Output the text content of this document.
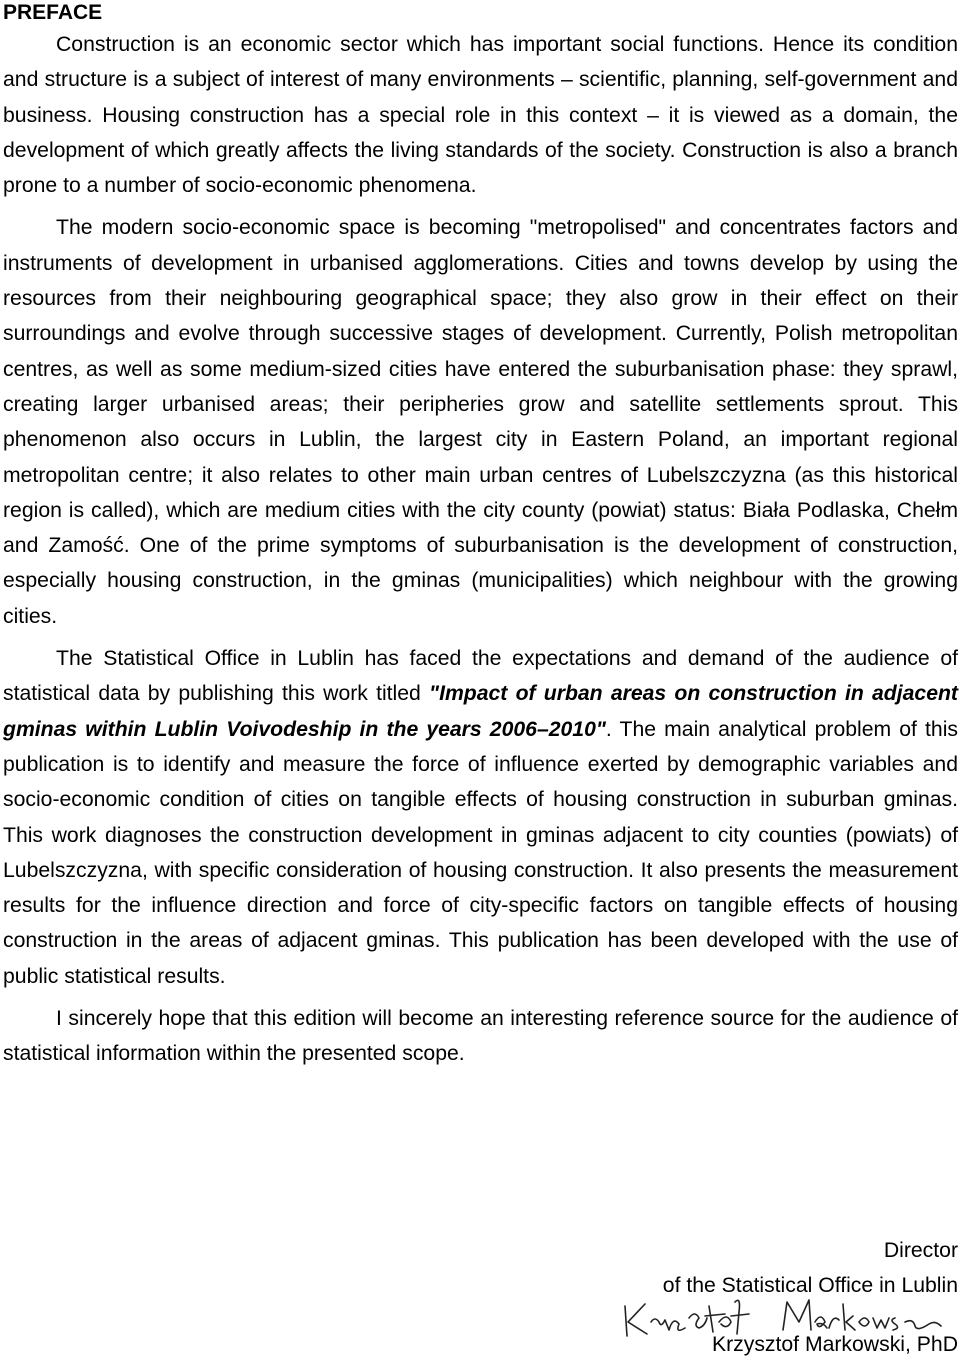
PREFACE

Construction is an economic sector which has important social functions. Hence its condition and structure is a subject of interest of many environments – scientific, planning, self-government and business. Housing construction has a special role in this context – it is viewed as a domain, the development of which greatly affects the living standards of the society. Construction is also a branch prone to a number of socio-economic phenomena.

The modern socio-economic space is becoming "metropolised" and concentrates factors and instruments of development in urbanised agglomerations. Cities and towns develop by using the resources from their neighbouring geographical space; they also grow in their effect on their surroundings and evolve through successive stages of development. Currently, Polish metropolitan centres, as well as some medium-sized cities have entered the suburbanisation phase: they sprawl, creating larger urbanised areas; their peripheries grow and satellite settlements sprout. This phenomenon also occurs in Lublin, the largest city in Eastern Poland, an important regional metropolitan centre; it also relates to other main urban centres of Lubelszczyzna (as this historical region is called), which are medium cities with the city county (powiat) status: Biała Podlaska, Chełm and Zamość. One of the prime symptoms of suburbanisation is the development of construction, especially housing construction, in the gminas (municipalities) which neighbour with the growing cities.

The Statistical Office in Lublin has faced the expectations and demand of the audience of statistical data by publishing this work titled "Impact of urban areas on construction in adjacent gminas within Lublin Voivodeship in the years 2006–2010". The main analytical problem of this publication is to identify and measure the force of influence exerted by demographic variables and socio-economic condition of cities on tangible effects of housing construction in suburban gminas. This work diagnoses the construction development in gminas adjacent to city counties (powiats) of Lubelszczyzna, with specific consideration of housing construction. It also presents the measurement results for the influence direction and force of city-specific factors on tangible effects of housing construction in the areas of adjacent gminas. This publication has been developed with the use of public statistical results.

I sincerely hope that this edition will become an interesting reference source for the audience of statistical information within the presented scope.

Director
of the Statistical Office in Lublin
Krzysztof Markowski, PhD
